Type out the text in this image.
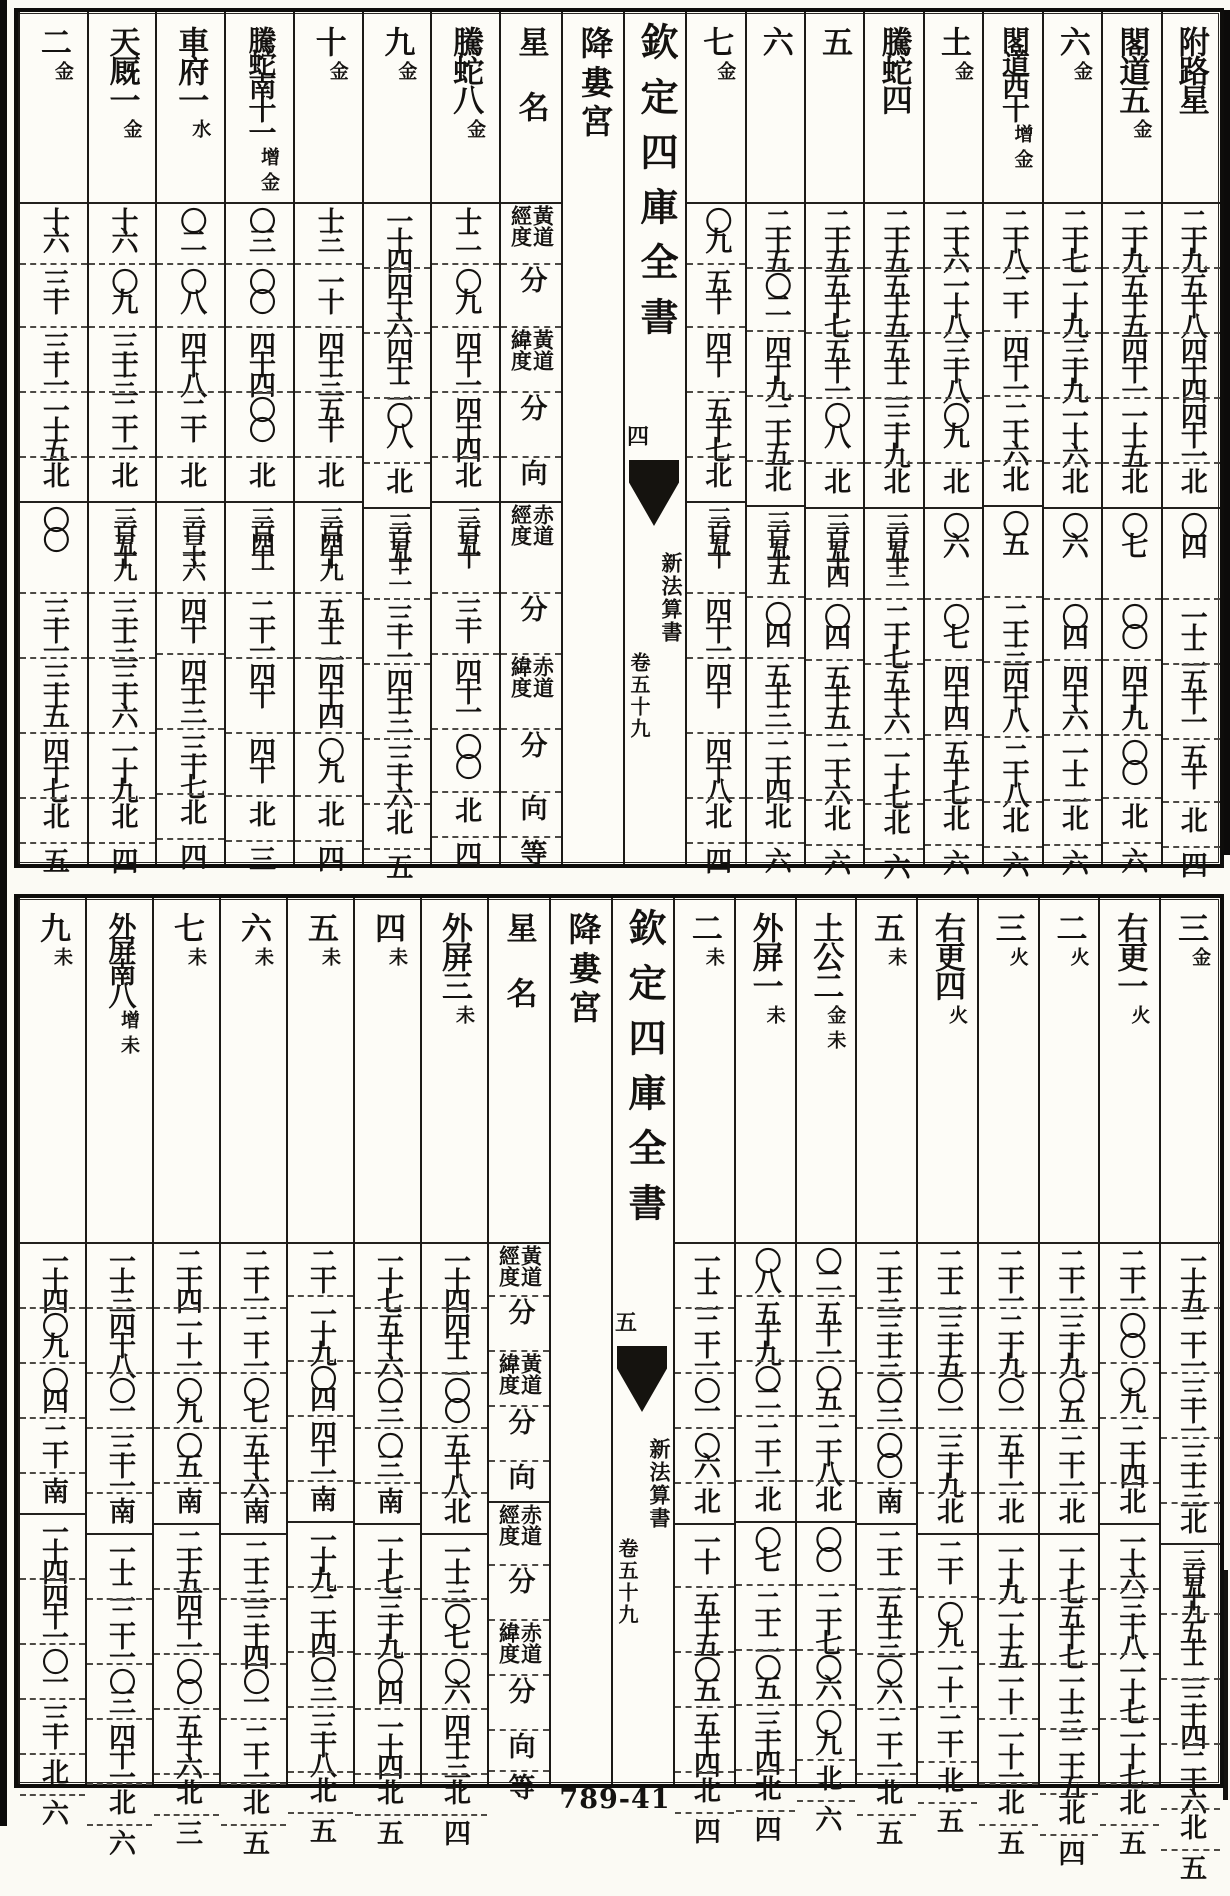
降婁宮
星名
黃道
經度
分
黃道
緯度
分
向
赤道
經度
分
赤道
緯度
分
向
等
騰蛇八
金
十二
〇九
四十一
四十四
北
三百五十
三十
四十一
〇〇
北
四
九
金
一十四
四十六
四十二
〇八
北
三百五十二
三十一
四十三
三十六
北
五
十
金
十三
一十
四十三
五十
北
三百四十九
五十二
四十四
〇九
北
四
騰蛇南十一
增
金
〇三
〇〇
四十四
〇〇
北
三百四十一
二十一
四十
四十
北
三
車府一
水
〇二
〇八
四十八
二十
北
三百三十六
四十
四十三
三十七
北
四
天厩一
金
十六
〇九
三十三
二十一
北
三百五十九
三十三
三十六
一十九
北
四
二
金
十六
三十
三十一
一十五
北
〇〇
三十一
三十五
四十七
北
五
欽定四庫全書
新法算書
卷五十九
四
附路星
二十九
五十八
四十四
四十一
北
〇四
一十二
五十一
五十
北
四
閣道五
金
二十九
五十五
四十一
一十五
北
〇七
〇〇
四十九
〇〇
北
六
六
金
二十七
一十九
三十九
一十六
北
〇六
〇四
四十六
一十二
北
六
閣道西十
增
金
二十八
二十
四十一
二十六
北
〇五
二十三
四十八
二十八
北
六
土
金
二十六
一十八
三十八
〇九
北
〇六
〇七
四十四
五十七
北
六
騰蛇四
二十五
五十五
五十二
三十九
北
三百五十三
二十七
五十六
一十七
北
六
五
二十五
五十七
五十一
〇八
北
三百五十四
〇四
五十五
二十六
北
六
六
二十五
〇二
四十九
二十五
北
三百五十五
〇四
五十三
二十四
北
六
七
金
〇九
五十
四十
五十七
北
三百五十
四十一
四十
四十八
北
四
降婁宮
星名
黃道
經度
分
黃道
緯度
分
向
赤道
經度
分
赤道
緯度
分
向
等
外屏三
未
一十四
四十二
〇〇
五十八
北
一十三
〇七
〇六
四十三
北
四
四
未
一十七
五十六
〇三
〇三
南
一十七
三十九
〇四
一十四
北
五
五
未
二十
一十九
〇四
四十一
南
一十九
二十四
〇三
三十八
北
五
六
未
二十一
二十一
〇七
五十六
南
二十三
三十四
〇一
二十一
北
五
七
未
二十四
一十一
〇九
〇五
南
二十五
四十一
〇〇
五十六
北
三
外屏南八
增
未
一十三
四十八
〇一
三十一
南
一十二
二十一
〇三
四十一
北
六
九
未
一十四
〇九
〇四
二十
南
一十四
四十一
〇一
三十
北
六
欽定四庫全書
新法算書
卷五十九
五
三
金
一十五
二十一
三十一
三十三
北
三百五十九
五十二
三十四
二十六
北
五
右更一
火
二十一
〇〇
〇九
二十四
北
一十六
三十八
一十七
一十七
北
五
二
火
二十一
三十九
〇五
二十一
北
一十七
五十七
一十三
二十五
北
四
三
火
二十一
二十九
〇一
五十一
北
一十九
一十五
一十
一十一
北
五
右更四
火
二十二
三十五
〇一
三十九
北
二十
〇九
一十
二十
北
五
五
未
二十三
三十三
〇三
〇〇
南
二十二
五十三
〇六
二十一
北
五
土公二
金
未
〇二
五十一
〇五
二十八
北
〇〇
二十七
〇六
〇九
北
六
外屏一
未
〇八
五十九
〇二
二十一
北
〇七
二十二
〇五
三十四
北
四
二
未
一十二
二十一
〇一
〇六
北
一十
五十五
〇五
五十四
北
四
789-41
